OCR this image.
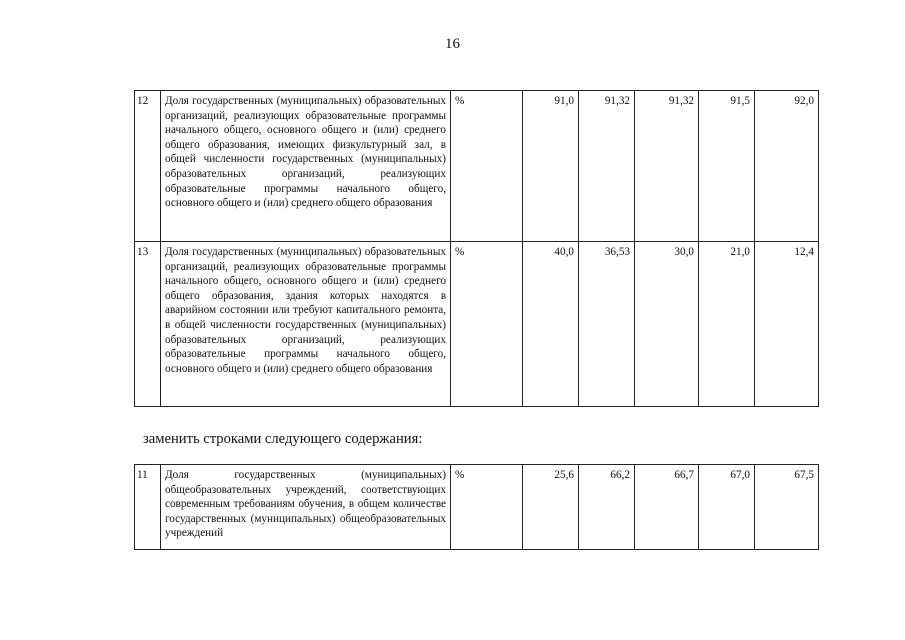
16
12	Доля государственных (муниципальных) образовательных организаций, реализующих образовательные программы начального общего, основного общего и (или) среднего общего образования, имеющих физкультурный зал, в общей численности государственных (муниципальных) образовательных организаций, реализующих образовательные программы начального общего, основного общего и (или) среднего общего образования	%	91,0	91,32	91,32	91,5	92,0
13	Доля государственных (муниципальных) образовательных организаций, реализующих образовательные программы начального общего, основного общего и (или) среднего общего образования, здания которых находятся в аварийном состоянии или требуют капитального ремонта, в общей численности государственных (муниципальных) образовательных организаций, реализующих образовательные программы начального общего, основного общего и (или) среднего общего образования	%	40,0	36,53	30,0	21,0	12,4
заменить строками следующего содержания:
11	Доля государственных (муниципальных) общеобразовательных учреждений, соответствующих современным требованиям обучения, в общем количестве государственных (муниципальных) общеобразовательных учреждений	%	25,6	66,2	66,7	67,0	67,5
